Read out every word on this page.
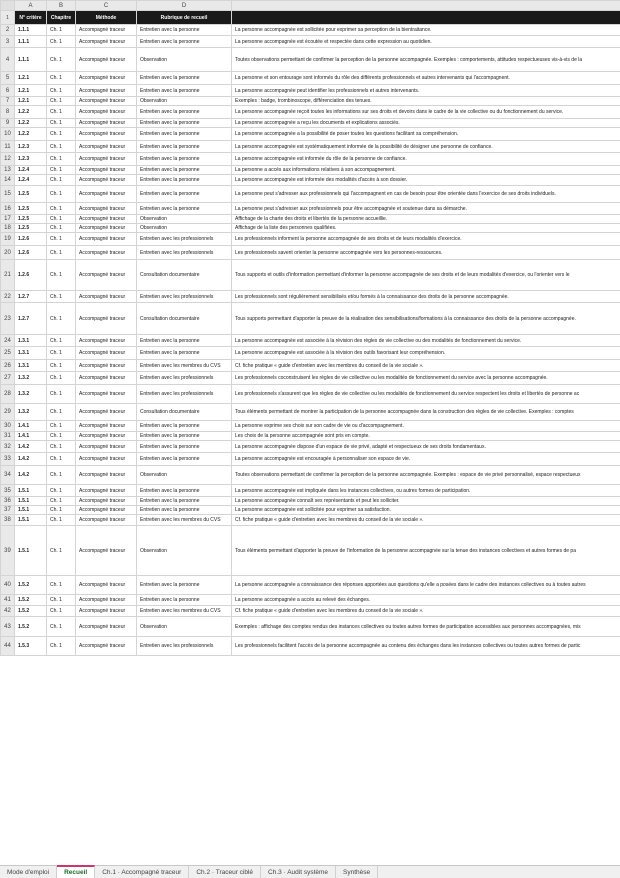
	A	B	C	D	
1	N° critère	Chapitre	Méthode	Rubrique de recueil	
2	1.1.1	Ch. 1	Accompagné traceur	Entretien avec la personne	La personne accompagnée est sollicitée pour exprimer sa perception de la bientraitance.
3	1.1.1	Ch. 1	Accompagné traceur	Entretien avec la personne	La personne accompagnée est écoutée et respectée dans cette expression au quotidien.
4	1.1.1	Ch. 1	Accompagné traceur	Observation	Toutes observations permettant de confirmer la perception de la personne accompagnée. Exemples : comportements, attitudes respectueuses vis-à-vis de la
5	1.2.1	Ch. 1	Accompagné traceur	Entretien avec la personne	La personne et son entourage sont informés du rôle des différents professionnels et autres intervenants qui l'accompagnent.
6	1.2.1	Ch. 1	Accompagné traceur	Entretien avec la personne	La personne accompagnée peut identifier les professionnels et autres intervenants.
7	1.2.1	Ch. 1	Accompagné traceur	Observation	Exemples : badge, trombinoscope, différenciation des tenues.
8	1.2.2	Ch. 1	Accompagné traceur	Entretien avec la personne	La personne accompagnée reçoit toutes les informations sur ses droits et devoirs dans le cadre de la vie collective ou du fonctionnement du service.
9	1.2.2	Ch. 1	Accompagné traceur	Entretien avec la personne	La personne accompagnée a reçu les documents et explications associés.
10	1.2.2	Ch. 1	Accompagné traceur	Entretien avec la personne	La personne accompagnée a la possibilité de poser toutes les questions facilitant sa compréhension.
11	1.2.3	Ch. 1	Accompagné traceur	Entretien avec la personne	La personne accompagnée est systématiquement informée de la possibilité de désigner une personne de confiance.
12	1.2.3	Ch. 1	Accompagné traceur	Entretien avec la personne	La personne accompagnée est informée du rôle de la personne de confiance.
13	1.2.4	Ch. 1	Accompagné traceur	Entretien avec la personne	La personne a accès aux informations relatives à son accompagnement.
14	1.2.4	Ch. 1	Accompagné traceur	Entretien avec la personne	La personne accompagnée est informée des modalités d'accès à son dossier.
15	1.2.5	Ch. 1	Accompagné traceur	Entretien avec la personne	La personne peut s'adresser aux professionnels qui l'accompagnent en cas de besoin pour être orientée dans l'exercice de ses droits individuels.
16	1.2.5	Ch. 1	Accompagné traceur	Entretien avec la personne	La personne peut s'adresser aux professionnels pour être accompagnée et soutenue dans sa démarche.
17	1.2.5	Ch. 1	Accompagné traceur	Observation	Affichage de la charte des droits et libertés de la personne accueillie.
18	1.2.5	Ch. 1	Accompagné traceur	Observation	Affichage de la liste des personnes qualifiées.
19	1.2.6	Ch. 1	Accompagné traceur	Entretien avec les professionnels	Les professionnels informent la personne accompagnée de ses droits et de leurs modalités d'exercice.
20	1.2.6	Ch. 1	Accompagné traceur	Entretien avec les professionnels	Les professionnels savent orienter la personne accompagnée vers les personnes-ressources.
21	1.2.6	Ch. 1	Accompagné traceur	Consultation documentaire	Tous supports et outils d'information permettant d'informer la personne accompagnée de ses droits et de leurs modalités d'exercice, ou l'orienter vers le
22	1.2.7	Ch. 1	Accompagné traceur	Entretien avec les professionnels	Les professionnels sont régulièrement sensibilisés et/ou formés à la connaissance des droits de la personne accompagnée.
23	1.2.7	Ch. 1	Accompagné traceur	Consultation documentaire	Tous supports permettant d'apporter la preuve de la réalisation des sensibilisations/formations à la connaissance des droits de la personne accompagnée.
24	1.3.1	Ch. 1	Accompagné traceur	Entretien avec la personne	La personne accompagnée est associée à la révision des règles de vie collective ou des modalités de fonctionnement du service.
25	1.3.1	Ch. 1	Accompagné traceur	Entretien avec la personne	La personne accompagnée est associée à la révision des outils favorisant leur compréhension.
26	1.3.1	Ch. 1	Accompagné traceur	Entretien avec les membres du CVS	Cf. fiche pratique « guide d'entretien avec les membres du conseil de la vie sociale ».
27	1.3.2	Ch. 1	Accompagné traceur	Entretien avec les professionnels	Les professionnels coconstruisent les règles de vie collective ou les modalités de fonctionnement du service avec la personne accompagnée.
28	1.3.2	Ch. 1	Accompagné traceur	Entretien avec les professionnels	Les professionnels s'assurent que les règles de vie collective ou les modalités de fonctionnement du service respectent les droits et libertés de personne ac
29	1.3.2	Ch. 1	Accompagné traceur	Consultation documentaire	Tous éléments permettant de montrer la participation de la personne accompagnée dans la construction des règles de vie collective. Exemples : comptes
30	1.4.1	Ch. 1	Accompagné traceur	Entretien avec la personne	La personne exprime ses choix sur son cadre de vie ou d'accompagnement.
31	1.4.1	Ch. 1	Accompagné traceur	Entretien avec la personne	Les choix de la personne accompagnée sont pris en compte.
32	1.4.2	Ch. 1	Accompagné traceur	Entretien avec la personne	La personne accompagnée dispose d'un espace de vie privé, adapté et respectueux de ses droits fondamentaux.
33	1.4.2	Ch. 1	Accompagné traceur	Entretien avec la personne	La personne accompagnée est encouragée à personnaliser son espace de vie.
34	1.4.2	Ch. 1	Accompagné traceur	Observation	Toutes observations permettant de confirmer la perception de la personne accompagnée. Exemples : espace de vie privé personnalisé, espace respectueux
35	1.5.1	Ch. 1	Accompagné traceur	Entretien avec la personne	La personne accompagnée est impliquée dans les instances collectives, ou autres formes de participation.
36	1.5.1	Ch. 1	Accompagné traceur	Entretien avec la personne	La personne accompagnée connaît ses représentants et peut les solliciter.
37	1.5.1	Ch. 1	Accompagné traceur	Entretien avec la personne	La personne accompagnée est sollicitée pour exprimer sa satisfaction.
38	1.5.1	Ch. 1	Accompagné traceur	Entretien avec les membres du CVS	Cf. fiche pratique « guide d'entretien avec les membres du conseil de la vie sociale ».
39	1.5.1	Ch. 1	Accompagné traceur	Observation	Tous éléments permettant d'apporter la preuve de l'information de la personne accompagnée sur la tenue des instances collectives et autres formes de pa
40	1.5.2	Ch. 1	Accompagné traceur	Entretien avec la personne	La personne accompagnée a connaissance des réponses apportées aux questions qu'elle a posées dans le cadre des instances collectives ou à toutes autres
41	1.5.2	Ch. 1	Accompagné traceur	Entretien avec la personne	La personne accompagnée a accès au relevé des échanges.
42	1.5.2	Ch. 1	Accompagné traceur	Entretien avec les membres du CVS	Cf. fiche pratique « guide d'entretien avec les membres du conseil de la vie sociale ».
43	1.5.2	Ch. 1	Accompagné traceur	Observation	Exemples : affichage des comptes rendus des instances collectives ou toutes autres formes de participation accessibles aux personnes accompagnées, mis
44	1.5.3	Ch. 1	Accompagné traceur	Entretien avec les professionnels	Les professionnels facilitent l'accès de la personne accompagnée au contenu des échanges dans les instances collectives ou toutes autres formes de partic
Mode d'emploi	Recueil	Ch.1 · Accompagné traceur	Ch.2 · Traceur ciblé	Ch.3 · Audit système	Synthèse
